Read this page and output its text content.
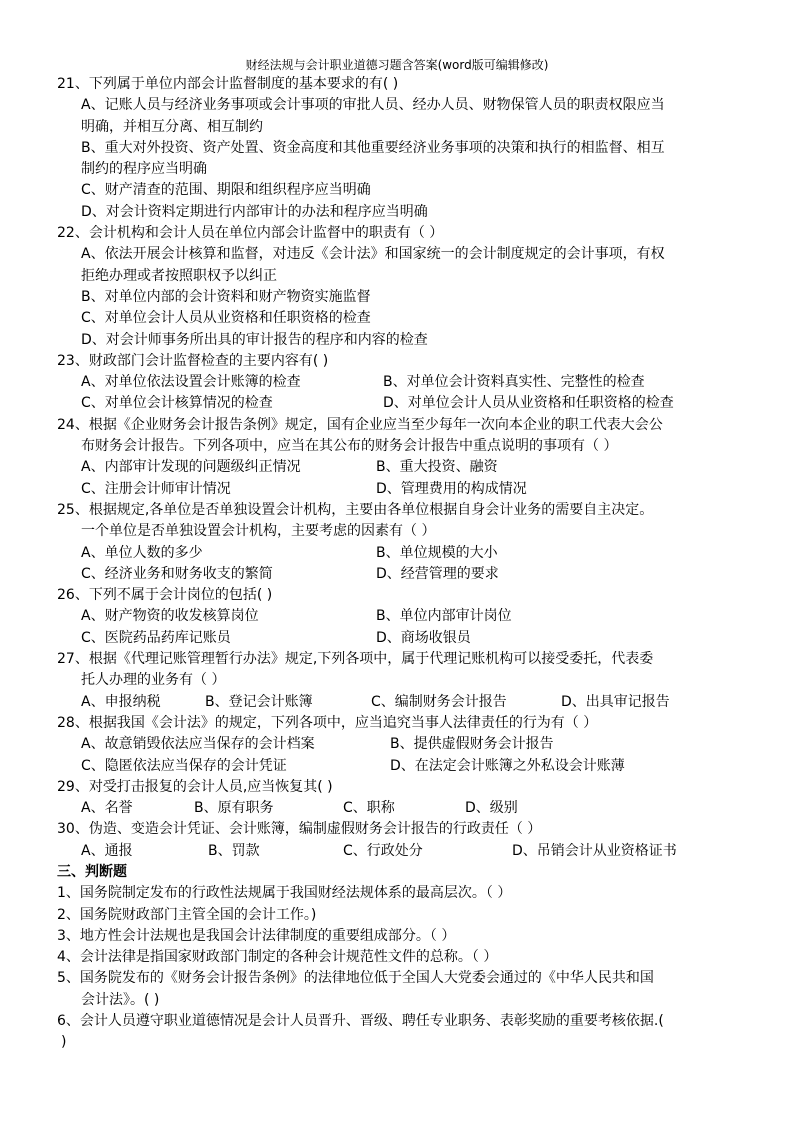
财经法规与会计职业道德习题含答案(word版可编辑修改)
21、下列属于单位内部会计监督制度的基本要求的有( )
A、记账人员与经济业务事项或会计事项的审批人员、经办人员、财物保管人员的职责权限应当
明确，并相互分离、相互制约
B、重大对外投资、资产处置、资金高度和其他重要经济业务事项的决策和执行的相监督、相互
制约的程序应当明确
C、财产清查的范围、期限和组织程序应当明确
D、对会计资料定期进行内部审计的办法和程序应当明确
22、会计机构和会计人员在单位内部会计监督中的职责有（ ）
A、依法开展会计核算和监督，对违反《会计法》和国家统一的会计制度规定的会计事项，有权
拒绝办理或者按照职权予以纠正
B、对单位内部的会计资料和财产物资实施监督
C、对单位会计人员从业资格和任职资格的检查
D、对会计师事务所出具的审计报告的程序和内容的检查
23、财政部门会计监督检查的主要内容有( )
A、对单位依法设置会计账簿的检查	B、对单位会计资料真实性、完整性的检查
C、对单位会计核算情况的检查	D、对单位会计人员从业资格和任职资格的检查
24、根据《企业财务会计报告条例》规定，国有企业应当至少每年一次向本企业的职工代表大会公
布财务会计报告。下列各项中，应当在其公布的财务会计报告中重点说明的事项有（ ）
A、内部审计发现的问题级纠正情况	B、重大投资、融资
C、注册会计师审计情况	D、管理费用的构成情况
25、根据规定,各单位是否单独设置会计机构，主要由各单位根据自身会计业务的需要自主决定。
一个单位是否单独设置会计机构，主要考虑的因素有（ ）
A、单位人数的多少	B、单位规模的大小
C、经济业务和财务收支的繁简	D、经营管理的要求
26、下列不属于会计岗位的包括( )
A、财产物资的收发核算岗位	B、单位内部审计岗位
C、医院药品药库记账员	D、商场收银员
27、根据《代理记账管理暂行办法》规定,下列各项中，属于代理记账机构可以接受委托，代表委
托人办理的业务有（ ）
A、申报纳税	B、登记会计账簿	C、编制财务会计报告	D、出具审记报告
28、根据我国《会计法》的规定，下列各项中，应当追究当事人法律责任的行为有（ ）
A、故意销毁依法应当保存的会计档案	B、提供虚假财务会计报告
C、隐匿依法应当保存的会计凭证	D、在法定会计账簿之外私设会计账薄
29、对受打击报复的会计人员,应当恢复其( )
A、名誉	B、原有职务	C、职称	D、级别
30、伪造、变造会计凭证、会计账簿，编制虚假财务会计报告的行政责任（ ）
A、通报	B、罚款	C、行政处分	D、吊销会计从业资格证书
三、判断题
1、国务院制定发布的行政性法规属于我国财经法规体系的最高层次。（ ）
2、国务院财政部门主管全国的会计工作。)
3、地方性会计法规也是我国会计法律制度的重要组成部分。（ ）
4、会计法律是指国家财政部门制定的各种会计规范性文件的总称。（ ）
5、国务院发布的《财务会计报告条例》的法律地位低于全国人大党委会通过的《中华人民共和国
会计法》。( )
6、会计人员遵守职业道德情况是会计人员晋升、晋级、聘任专业职务、表彰奖励的重要考核依据.(
)
